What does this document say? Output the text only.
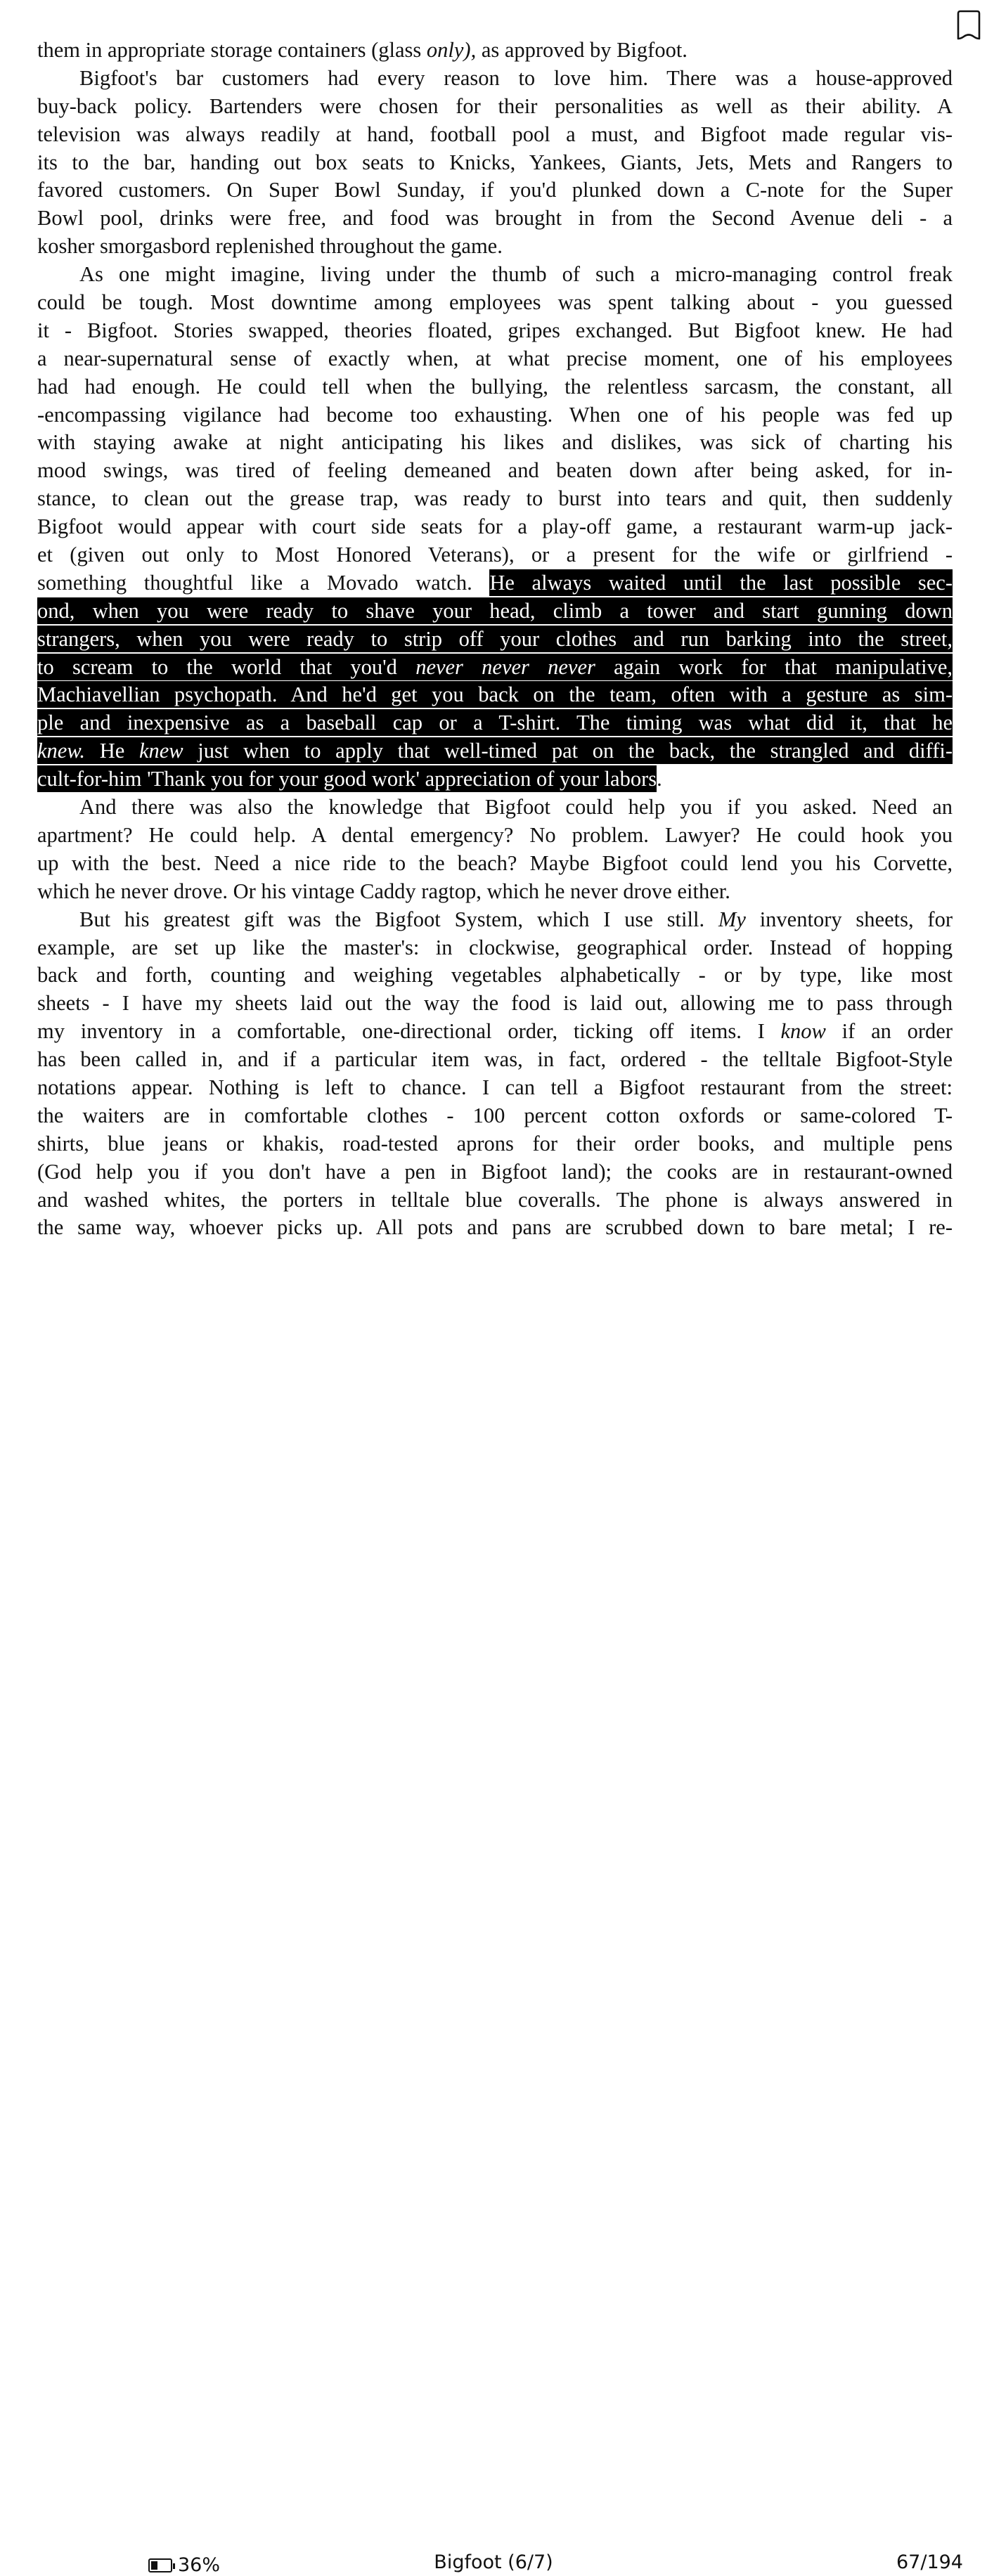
them in appropriate storage containers (glass only), as approved by Bigfoot.
Bigfoot's bar customers had every reason to love him. There was a house-approved
buy-back policy. Bartenders were chosen for their personalities as well as their ability. A
television was always readily at hand, football pool a must, and Bigfoot made regular vis-
its to the bar, handing out box seats to Knicks, Yankees, Giants, Jets, Mets and Rangers to
favored customers. On Super Bowl Sunday, if you'd plunked down a C-note for the Super
Bowl pool, drinks were free, and food was brought in from the Second Avenue deli - a
kosher smorgasbord replenished throughout the game.
As one might imagine, living under the thumb of such a micro-managing control freak
could be tough. Most downtime among employees was spent talking about - you guessed
it - Bigfoot. Stories swapped, theories floated, gripes exchanged. But Bigfoot knew. He had
a near-supernatural sense of exactly when, at what precise moment, one of his employees
had had enough. He could tell when the bullying, the relentless sarcasm, the constant, all
-encompassing vigilance had become too exhausting. When one of his people was fed up
with staying awake at night anticipating his likes and dislikes, was sick of charting his
mood swings, was tired of feeling demeaned and beaten down after being asked, for in-
stance, to clean out the grease trap, was ready to burst into tears and quit, then suddenly
Bigfoot would appear with court side seats for a play-off game, a restaurant warm-up jack-
et (given out only to Most Honored Veterans), or a present for the wife or girlfriend -
something thoughtful like a Movado watch. He always waited until the last possible sec-
ond, when you were ready to shave your head, climb a tower and start gunning down
strangers, when you were ready to strip off your clothes and run barking into the street,
to scream to the world that you'd never never never again work for that manipulative,
Machiavellian psychopath. And he'd get you back on the team, often with a gesture as sim-
ple and inexpensive as a baseball cap or a T-shirt. The timing was what did it, that he
knew. He knew just when to apply that well-timed pat on the back, the strangled and diffi-
cult-for-him 'Thank you for your good work' appreciation of your labors.
And there was also the knowledge that Bigfoot could help you if you asked. Need an
apartment? He could help. A dental emergency? No problem. Lawyer? He could hook you
up with the best. Need a nice ride to the beach? Maybe Bigfoot could lend you his Corvette,
which he never drove. Or his vintage Caddy ragtop, which he never drove either.
But his greatest gift was the Bigfoot System, which I use still. My inventory sheets, for
example, are set up like the master's: in clockwise, geographical order. Instead of hopping
back and forth, counting and weighing vegetables alphabetically - or by type, like most
sheets - I have my sheets laid out the way the food is laid out, allowing me to pass through
my inventory in a comfortable, one-directional order, ticking off items. I know if an order
has been called in, and if a particular item was, in fact, ordered - the telltale Bigfoot-Style
notations appear. Nothing is left to chance. I can tell a Bigfoot restaurant from the street:
the waiters are in comfortable clothes - 100 percent cotton oxfords or same-colored T-
shirts, blue jeans or khakis, road-tested aprons for their order books, and multiple pens
(God help you if you don't have a pen in Bigfoot land); the cooks are in restaurant-owned
and washed whites, the porters in telltale blue coveralls. The phone is always answered in
the same way, whoever picks up. All pots and pans are scrubbed down to bare metal; I re-
36%	Bigfoot (6/7)	67/194
